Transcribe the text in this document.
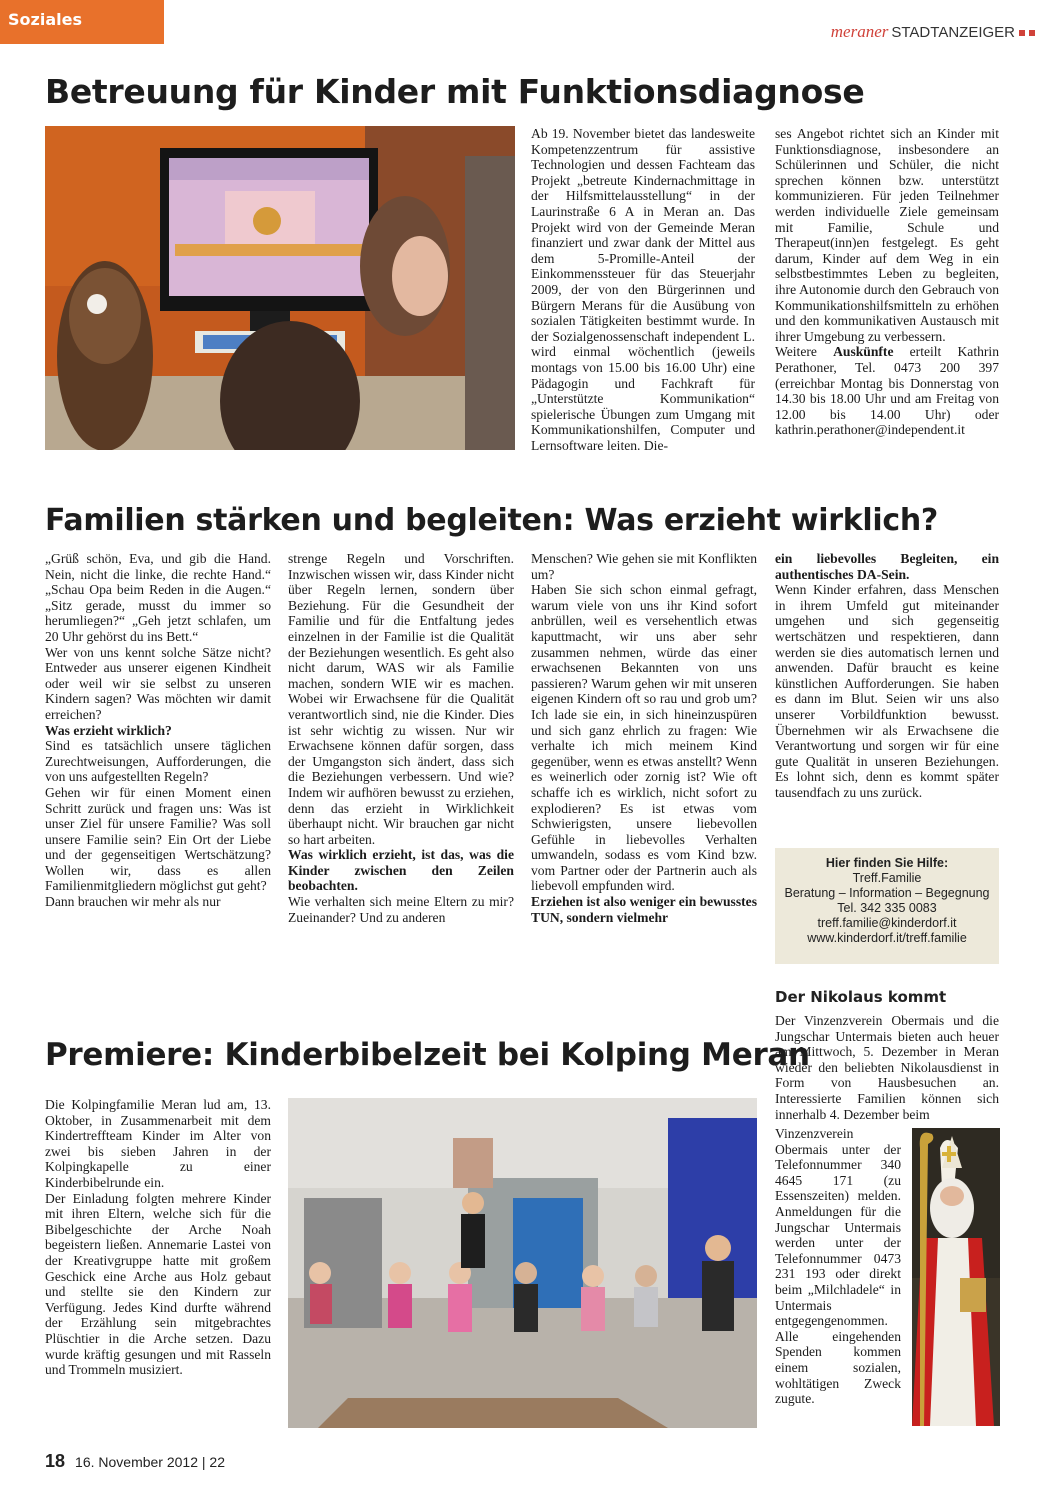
Soziales
meraner STADTANZEIGER
Betreuung für Kinder mit Funktionsdiagnose

Ab 19. November bietet das landesweite Kompetenzzentrum für assistive Technologien und dessen Fachteam das Projekt „betreute Kindernachmittage in der Hilfsmittelausstellung“ in der Laurinstraße 6 A in Meran an. Das Projekt wird von der Gemeinde Meran finanziert und zwar dank der Mittel aus dem 5-Promille-Anteil der Einkommenssteuer für das Steuerjahr 2009, der von den Bürgerinnen und Bürgern Merans für die Ausübung von sozialen Tätigkeiten bestimmt wurde. In der Sozialgenossenschaft independent L. wird einmal wöchentlich (jeweils montags von 15.00 bis 16.00 Uhr) eine Pädagogin und Fachkraft für „Unterstützte Kommunikation“ spielerische Übungen zum Umgang mit Kommunikationshilfen, Computer und Lernsoftware leiten. Die-

ses Angebot richtet sich an Kinder mit Funktionsdiagnose, insbesondere an Schülerinnen und Schüler, die nicht sprechen können bzw. unterstützt kommunizieren. Für jeden Teilnehmer werden individuelle Ziele gemeinsam mit Familie, Schule und Therapeut(inn)en festgelegt. Es geht darum, Kinder auf dem Weg in ein selbstbestimmtes Leben zu begleiten, ihre Autonomie durch den Gebrauch von Kommunikationshilfsmitteln zu erhöhen und den kommunikativen Austausch mit ihrer Umgebung zu verbessern.

Weitere Auskünfte erteilt Kathrin Perathoner, Tel. 0473 200 397 (erreichbar Montag bis Donnerstag von 14.30 bis 18.00 Uhr und am Freitag von 12.00 bis 14.00 Uhr) oder kathrin.perathoner@independent.it

Familien stärken und begleiten: Was erzieht wirklich?

„Grüß schön, Eva, und gib die Hand. Nein, nicht die linke, die rechte Hand.“ „Schau Opa beim Reden in die Augen.“ „Sitz gerade, musst du immer so herumliegen?“ „Geh jetzt schlafen, um 20 Uhr gehörst du ins Bett.“

Wer von uns kennt solche Sätze nicht? Entweder aus unserer eigenen Kindheit oder weil wir sie selbst zu unseren Kindern sagen? Was möchten wir damit erreichen?

Was erzieht wirklich?

Sind es tatsächlich unsere täglichen Zurechtweisungen, Aufforderungen, die von uns aufgestellten Regeln?

Gehen wir für einen Moment einen Schritt zurück und fragen uns: Was ist unser Ziel für unsere Familie? Was soll unsere Familie sein? Ein Ort der Liebe und der gegenseitigen Wertschätzung? Wollen wir, dass es allen Familienmitgliedern möglichst gut geht?

Dann brauchen wir mehr als nur

strenge Regeln und Vorschriften. Inzwischen wissen wir, dass Kinder nicht über Regeln lernen, sondern über Beziehung. Für die Gesundheit der Familie und für die Entfaltung jedes einzelnen in der Familie ist die Qualität der Beziehungen wesentlich. Es geht also nicht darum, WAS wir als Familie machen, sondern WIE wir es machen. Wobei wir Erwachsene für die Qualität verantwortlich sind, nie die Kinder. Dies ist sehr wichtig zu wissen. Nur wir Erwachsene können dafür sorgen, dass der Umgangston sich ändert, dass sich die Beziehungen verbessern. Und wie? Indem wir aufhören bewusst zu erziehen, denn das erzieht in Wirklichkeit überhaupt nicht. Wir brauchen gar nicht so hart arbeiten.

Was wirklich erzieht, ist das, was die Kinder zwischen den Zeilen beobachten.

Wie verhalten sich meine Eltern zu mir? Zueinander? Und zu anderen

Menschen? Wie gehen sie mit Konflikten um?

Haben Sie sich schon einmal gefragt, warum viele von uns ihr Kind sofort anbrüllen, weil es versehentlich etwas kaputtmacht, wir uns aber sehr zusammen nehmen, würde das einer erwachsenen Bekannten von uns passieren? Warum gehen wir mit unseren eigenen Kindern oft so rau und grob um? Ich lade sie ein, in sich hineinzuspüren und sich ganz ehrlich zu fragen: Wie verhalte ich mich meinem Kind gegenüber, wenn es etwas anstellt? Wenn es weinerlich oder zornig ist? Wie oft schaffe ich es wirklich, nicht sofort zu explodieren? Es ist etwas vom Schwierigsten, unsere liebevollen Gefühle in liebevolles Verhalten umwandeln, sodass es vom Kind bzw. vom Partner oder der Partnerin auch als liebevoll empfunden wird.

Erziehen ist also weniger ein bewusstes TUN, sondern vielmehr

ein liebevolles Begleiten, ein authentisches DA-Sein.

Wenn Kinder erfahren, dass Menschen in ihrem Umfeld gut miteinander umgehen und sich gegenseitig wertschätzen und respektieren, dann werden sie dies automatisch lernen und anwenden. Dafür braucht es keine künstlichen Aufforderungen. Sie haben es dann im Blut. Seien wir uns also unserer Vorbildfunktion bewusst. Übernehmen wir als Erwachsene die Verantwortung und sorgen wir für eine gute Qualität in unseren Beziehungen. Es lohnt sich, denn es kommt später tausendfach zu uns zurück.

Hier finden Sie Hilfe:
Treff.Familie
Beratung – Information – Begegnung
Tel. 342 335 0083
treff.familie@kinderdorf.it
www.kinderdorf.it/treff.familie
Der Nikolaus kommt

Der Vinzenzverein Obermais und die Jungschar Untermais bieten auch heuer am Mittwoch, 5. Dezember in Meran wieder den beliebten Nikolausdienst in Form von Hausbesuchen an. Interessierte Familien können sich innerhalb 4. Dezember beim

Vinzenzverein Obermais unter der Telefonnummer 340 4645 171 (zu Essenszeiten) melden. Anmeldungen für die Jungschar Untermais werden unter der Telefonnummer 0473 231 193 oder direkt beim „Milchladele“ in Untermais entgegengenommen.

Alle eingehenden Spenden kommen einem sozialen, wohltätigen Zweck zugute.

Premiere: Kinderbibelzeit bei Kolping Meran

Die Kolpingfamilie Meran lud am, 13. Oktober, in Zusammenarbeit mit dem Kindertreffteam Kinder im Alter von zwei bis sieben Jahren in der Kolpingkapelle zu einer Kinderbibelrunde ein.

Der Einladung folgten mehrere Kinder mit ihren Eltern, welche sich für die Bibelgeschichte der Arche Noah begeistern ließen. Annemarie Lastei von der Kreativgruppe hatte mit großem Geschick eine Arche aus Holz gebaut und stellte sie den Kindern zur Verfügung. Jedes Kind durfte während der Erzählung sein mitgebrachtes Plüschtier in die Arche setzen. Dazu wurde kräftig gesungen und mit Rasseln und Trommeln musiziert.

18 16. November 2012 | 22
